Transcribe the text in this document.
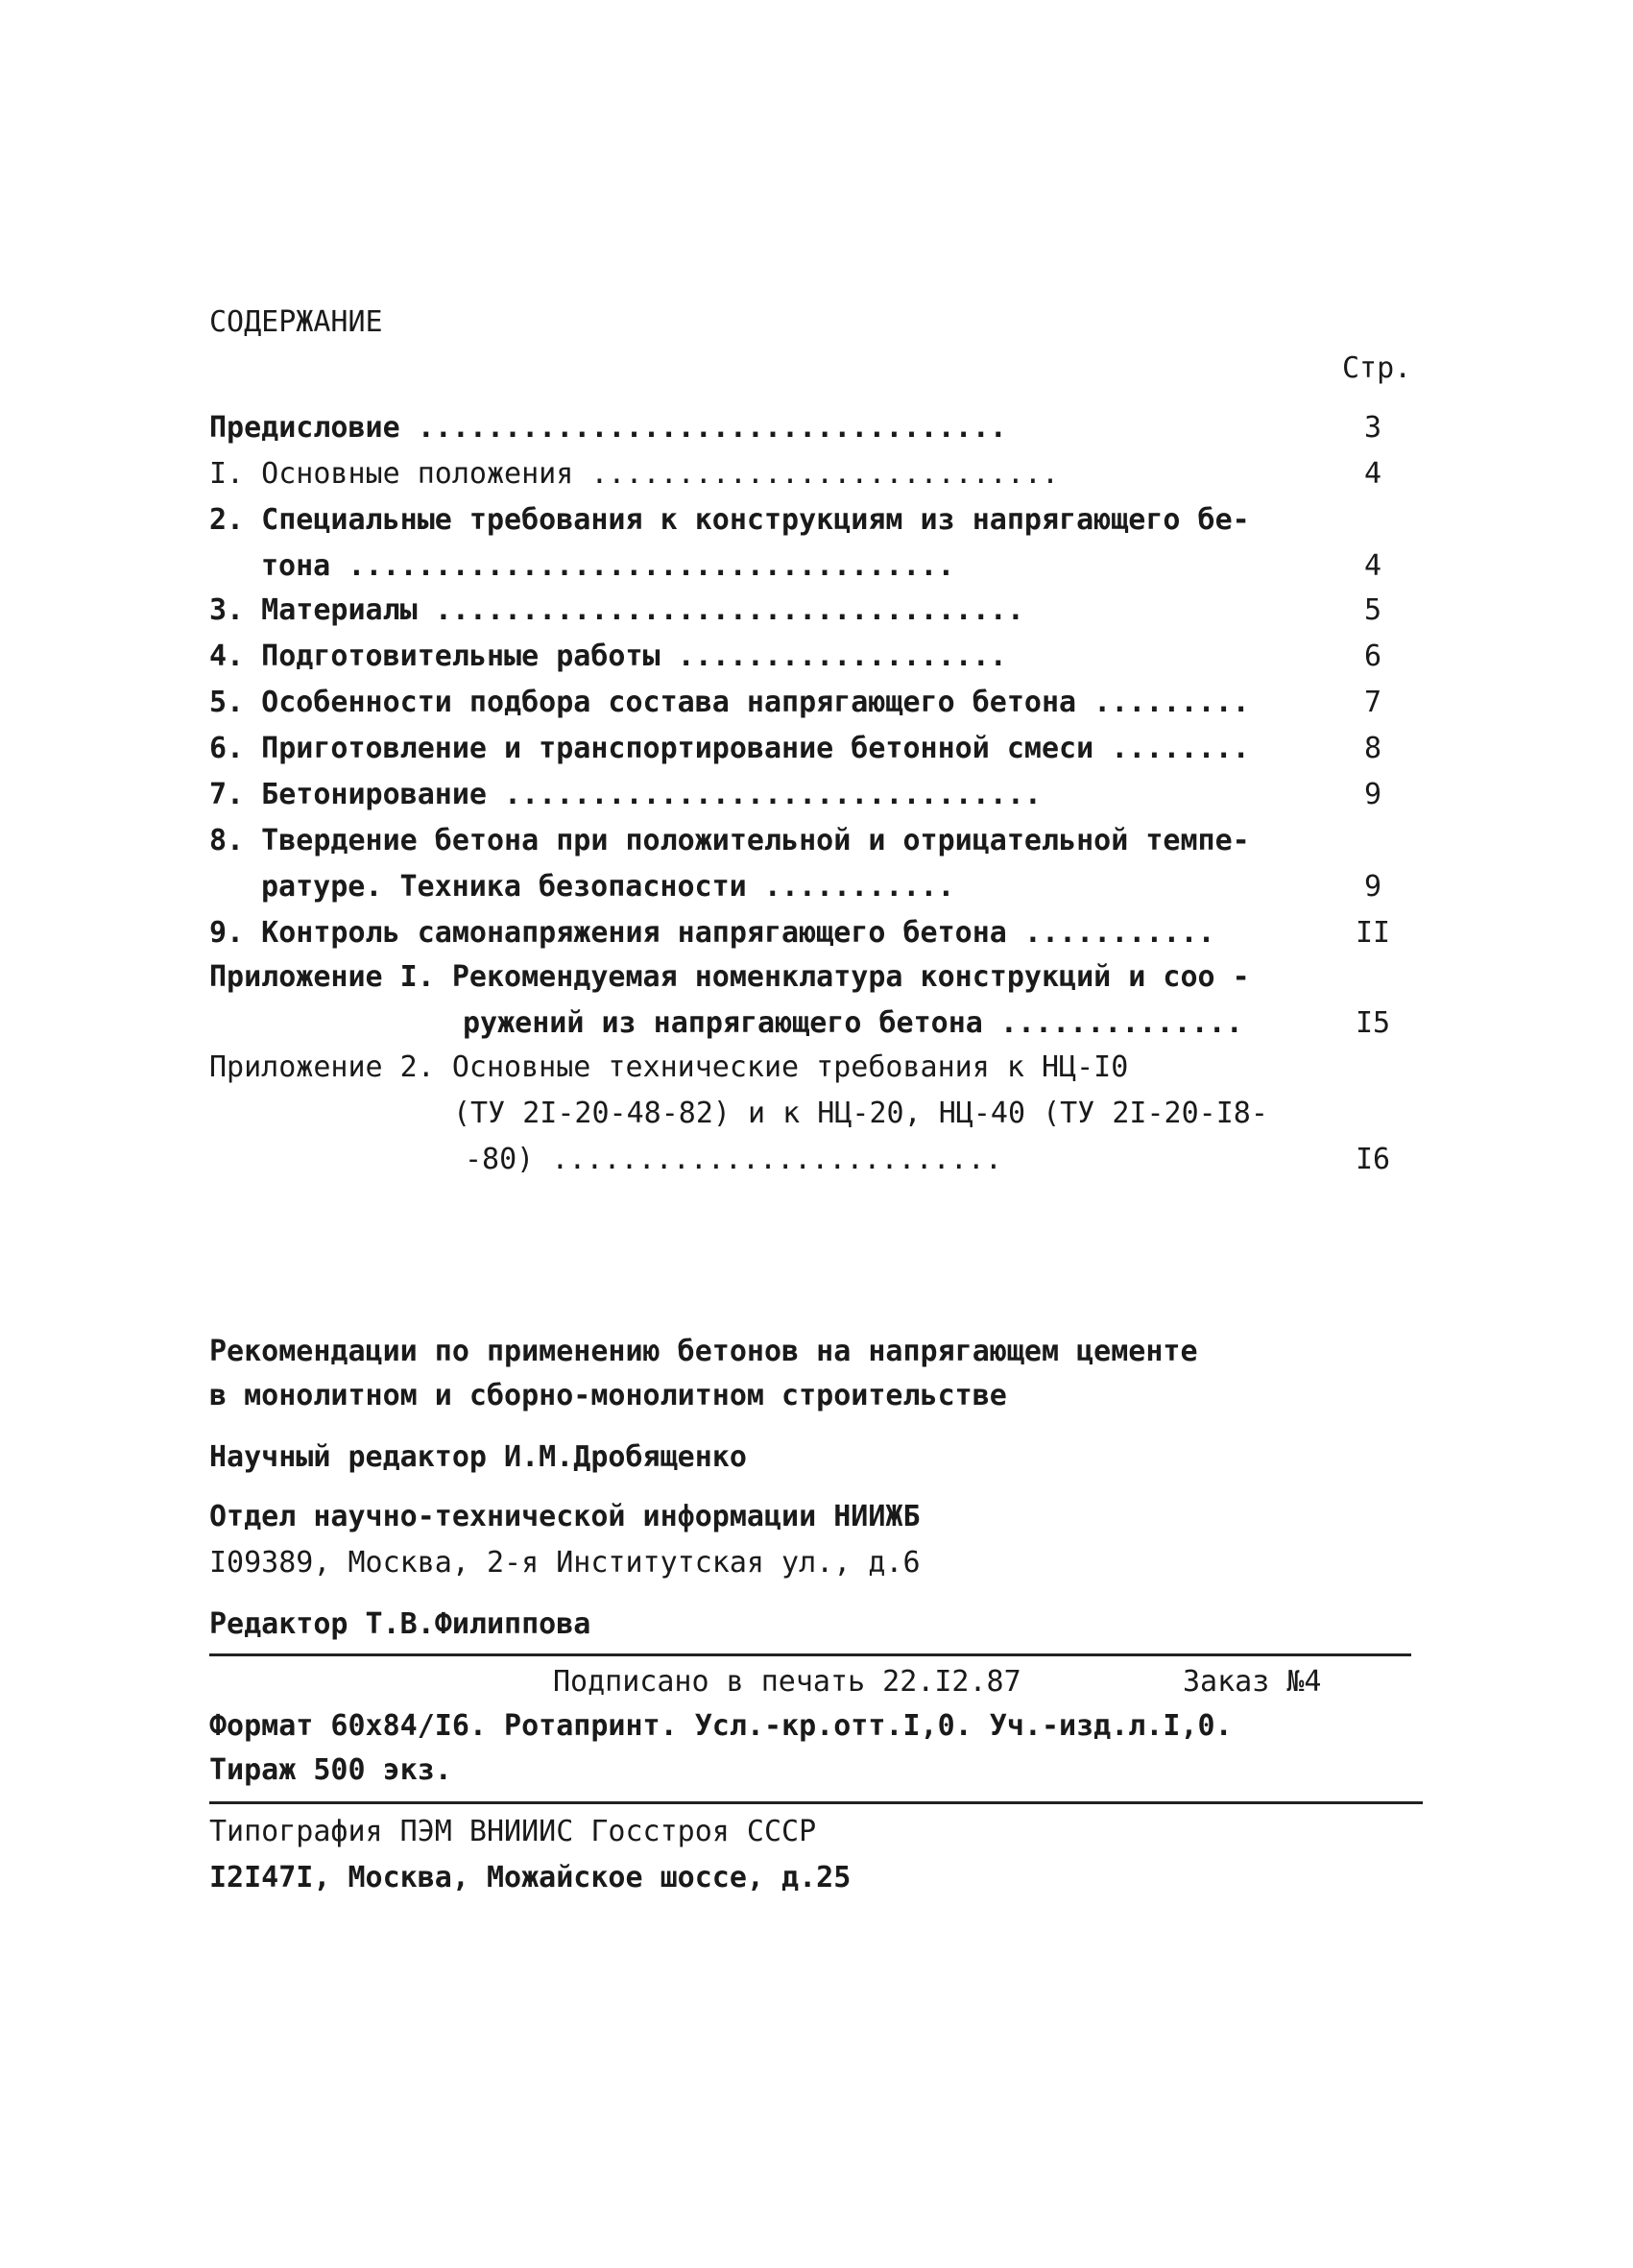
СОДЕРЖАНИЕ
Стр.
Предисловие ..................................	3
I. Основные положения ...........................	4
2. Специальные требования к конструкциям из напрягающего бе-
тона ...................................	4
3. Материалы ..................................	5
4. Подготовительные работы ...................	6
5. Особенности подбора состава напрягающего бетона .........	7
6. Приготовление и транспортирование бетонной смеси ........	8
7. Бетонирование ...............................	9
8. Твердение бетона при положительной и отрицательной темпе-
ратуре. Техника безопасности ...........	9
9. Контроль самонапряжения напрягающего бетона ...........	II
Приложение I. Рекомендуемая номенклатура конструкций и соо -
ружений из напрягающего бетона ..............	I5
Приложение 2. Основные технические требования к НЦ-I0
(ТУ 2I-20-48-82) и к НЦ-20, НЦ-40 (ТУ 2I-20-I8-
-80) ..........................	I6
Рекомендации по применению бетонов на напрягающем цементе
в монолитном и сборно-монолитном строительстве
Научный редактор И.М.Дробященко
Отдел научно-технической информации НИИЖБ
I09389, Москва, 2-я Институтская ул., д.6
Редактор Т.В.Филиппова
Подписано в печать 22.I2.87	Заказ №4
Формат 60x84/I6. Ротапринт. Усл.-кр.отт.I,0. Уч.-изд.л.I,0.
Тираж 500 экз.
Типография ПЭМ ВНИИИС Госстроя СССР
I2I47I, Москва, Можайское шоссе, д.25
